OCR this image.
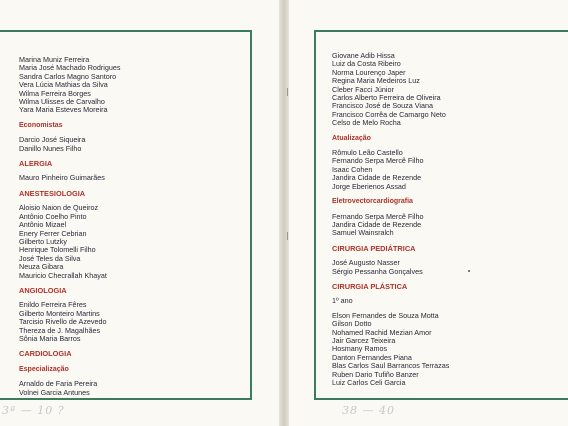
Marina Muniz Ferreira
Maria José Machado Rodrigues
Sandra Carlos Magno Santoro
Vera Lúcia Mathias da Silva
Wilma Ferreira Borges
Wilma Ulisses de Carvalho
Yara Maria Esteves Moreira
Economistas
Darcio José Siqueira
Danillo Nunes Filho
ALERGIA
Mauro Pinheiro Guimarães
ANESTESIOLOGIA
Aloisio Naion de Queiroz
Antônio Coelho Pinto
Antônio Mizael
Enery Ferrer Cebrian
Gilberto Lutzky
Henrique Tolomelli Filho
José Teles da Silva
Neuza Gibara
Mauricio Checrallah Khayat
ANGIOLOGIA
Enildo Ferreira Fêres
Gilberto Monteiro Martins
Tarcisio Rivello de Azevedo
Thereza de J. Magalhães
Sônia Maria Barros
CARDIOLOGIA
Especialização
Arnaldo de Faria Pereira
Volnei Garcia Antunes
Giovane Adib Hissa
Luiz da Costa Ribeiro
Norma Lourenço Japer
Regina Maria Medeiros Luz
Cleber Facci Júnior
Carlos Alberto Ferreira de Oliveira
Francisco José de Souza Viana
Francisco Corrêa de Camargo Neto
Celso de Melo Rocha
Atualização
Rômulo Leão Castello
Fernando Serpa Mercê Filho
Isaac Cohen
Jandira Cidade de Rezende
Jorge Eberienos Assad
Eletrovectorcardiografia
Fernando Serpa Mercê Filho
Jandira Cidade de Rezende
Samuel Wainsralch
CIRURGIA PEDIÁTRICA
José Augusto Nasser
Sérgio Pessanha Gonçalves
CIRURGIA PLÁSTICA
1º ano
Elson Fernandes de Souza Motta
Gilson Dotto
Nohamed Rachid Mezian Amor
Jair Garcez Teixeira
Hosmany Ramos
Danton Fernandes Piana
Blas Carlos Saul Barrancos Terrazas
Ruben Dario Tufiño Banzer
Luiz Carlos Celi Garcia
3ª — 10 ?	38 — 40
